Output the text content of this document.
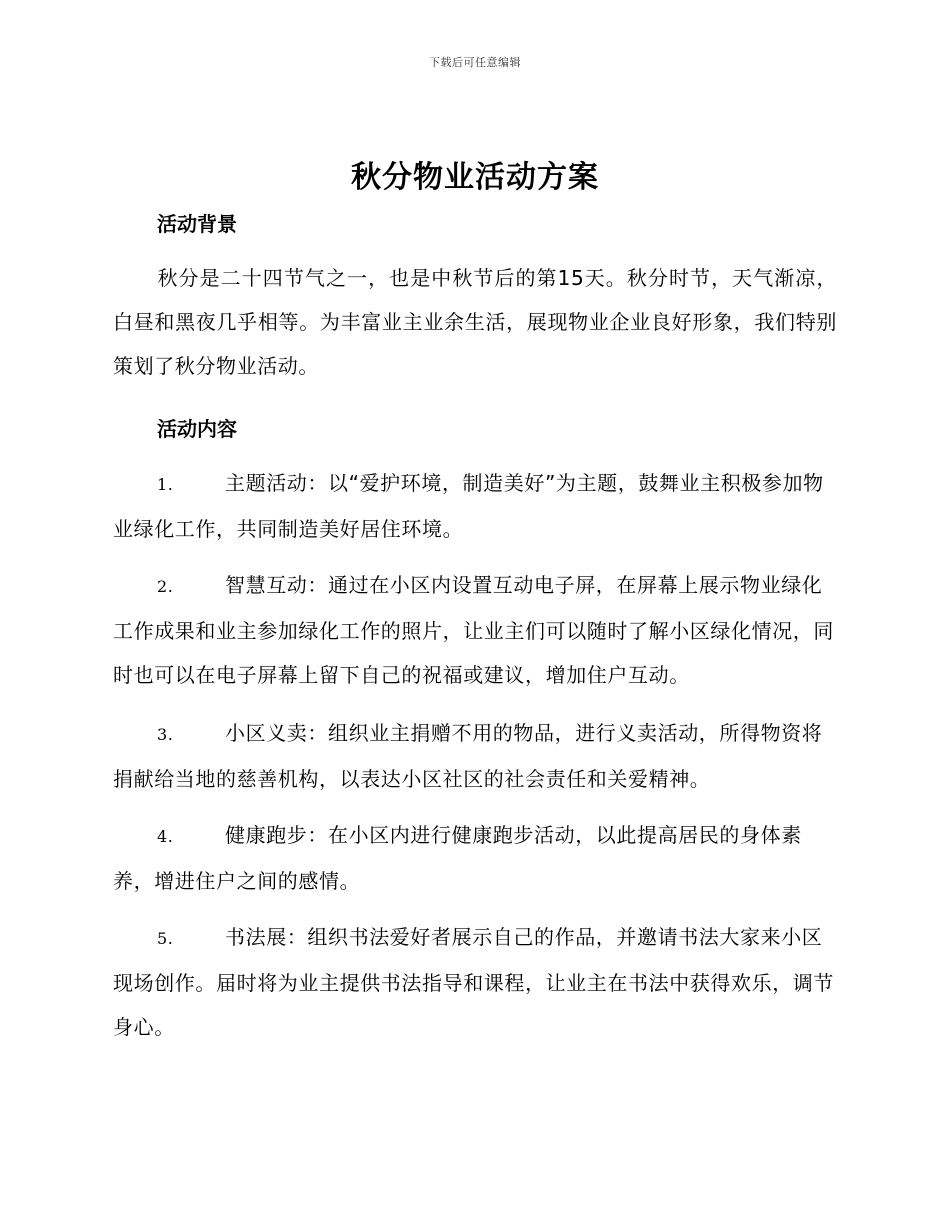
下载后可任意编辑
秋分物业活动方案
活动背景
秋分是二十四节气之一，也是中秋节后的第15天。秋分时节，天气渐凉，白昼和黑夜几乎相等。为丰富业主业余生活，展现物业企业良好形象，我们特别策划了秋分物业活动。
活动内容
1.	主题活动：以“爱护环境，制造美好”为主题，鼓舞业主积极参加物业绿化工作，共同制造美好居住环境。
2.	智慧互动：通过在小区内设置互动电子屏，在屏幕上展示物业绿化工作成果和业主参加绿化工作的照片，让业主们可以随时了解小区绿化情况，同时也可以在电子屏幕上留下自己的祝福或建议，增加住户互动。
3.	小区义卖：组织业主捐赠不用的物品，进行义卖活动，所得物资将捐献给当地的慈善机构，以表达小区社区的社会责任和关爱精神。
4.	健康跑步：在小区内进行健康跑步活动，以此提高居民的身体素养，增进住户之间的感情。
5.	书法展：组织书法爱好者展示自己的作品，并邀请书法大家来小区现场创作。届时将为业主提供书法指导和课程，让业主在书法中获得欢乐，调节身心。
